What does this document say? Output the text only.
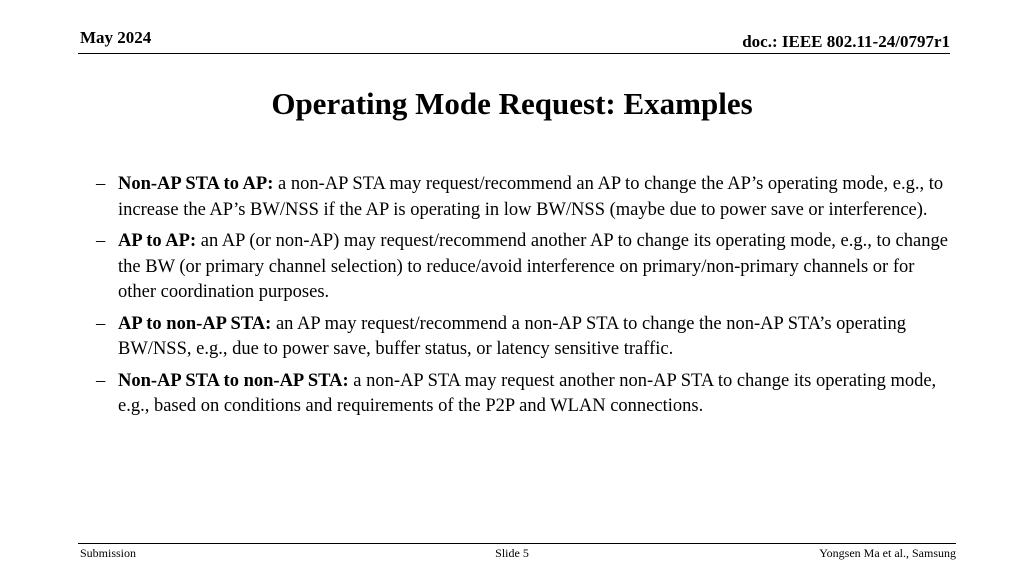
May 2024	doc.: IEEE 802.11-24/0797r1
Operating Mode Request: Examples
– Non-AP STA to AP: a non-AP STA may request/recommend an AP to change the AP’s operating mode, e.g., to increase the AP’s BW/NSS if the AP is operating in low BW/NSS (maybe due to power save or interference).
– AP to AP: an AP (or non-AP) may request/recommend another AP to change its operating mode, e.g., to change the BW (or primary channel selection) to reduce/avoid interference on primary/non-primary channels or for other coordination purposes.
– AP to non-AP STA: an AP may request/recommend a non-AP STA to change the non-AP STA’s operating BW/NSS, e.g., due to power save, buffer status, or latency sensitive traffic.
– Non-AP STA to non-AP STA: a non-AP STA may request another non-AP STA to change its operating mode, e.g., based on conditions and requirements of the P2P and WLAN connections.
Submission	Slide 5	Yongsen Ma et al., Samsung
